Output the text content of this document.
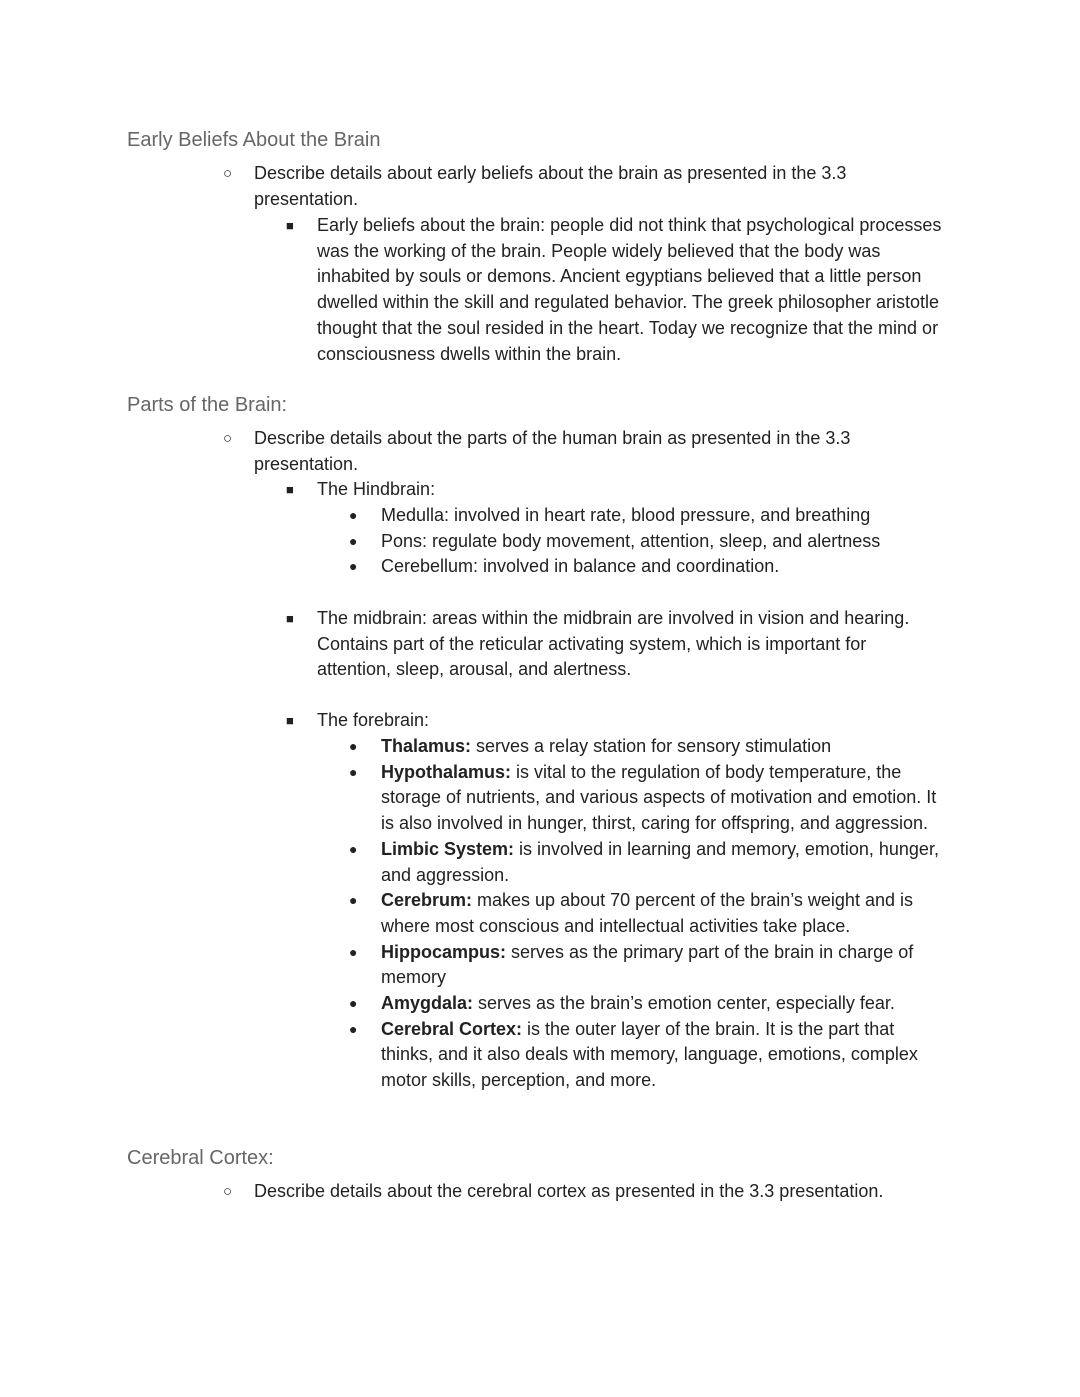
Early Beliefs About the Brain

○ Describe details about early beliefs about the brain as presented in the 3.3 presentation.

■ Early beliefs about the brain: people did not think that psychological processes was the working of the brain. People widely believed that the body was inhabited by souls or demons. Ancient egyptians believed that a little person dwelled within the skill and regulated behavior. The greek philosopher aristotle thought that the soul resided in the heart. Today we recognize that the mind or consciousness dwells within the brain.

Parts of the Brain:

○ Describe details about the parts of the human brain as presented in the 3.3 presentation.

■ The Hindbrain:

● Medulla: involved in heart rate, blood pressure, and breathing
● Pons: regulate body movement, attention, sleep, and alertness
● Cerebellum: involved in balance and coordination.

■ The midbrain: areas within the midbrain are involved in vision and hearing. Contains part of the reticular activating system, which is important for attention, sleep, arousal, and alertness.

■ The forebrain:

● Thalamus: serves a relay station for sensory stimulation
● Hypothalamus: is vital to the regulation of body temperature, the storage of nutrients, and various aspects of motivation and emotion. It is also involved in hunger, thirst, caring for offspring, and aggression.
● Limbic System: is involved in learning and memory, emotion, hunger, and aggression.
● Cerebrum: makes up about 70 percent of the brain’s weight and is where most conscious and intellectual activities take place.
● Hippocampus: serves as the primary part of the brain in charge of memory
● Amygdala: serves as the brain’s emotion center, especially fear.
● Cerebral Cortex: is the outer layer of the brain. It is the part that thinks, and it also deals with memory, language, emotions, complex motor skills, perception, and more.
Cerebral Cortex:

○ Describe details about the cerebral cortex as presented in the 3.3 presentation.
